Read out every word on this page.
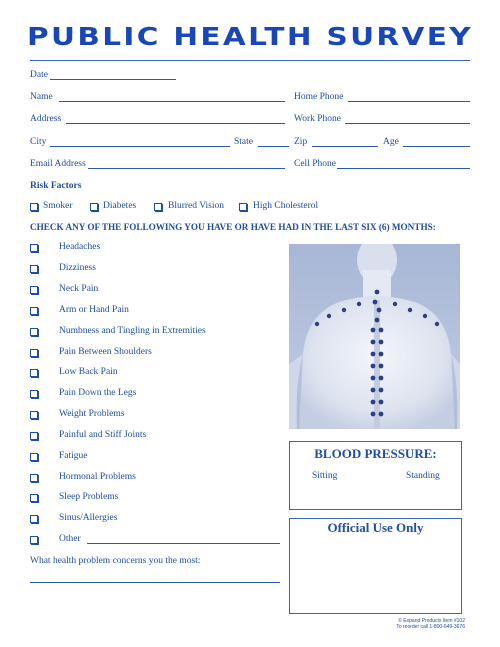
PUBLIC HEALTH SURVEY
Date
Name	Home Phone
Address	Work Phone
City	State	Zip	Age
Email Address	Cell Phone
Risk Factors
Smoker	Diabetes	Blurred Vision	High Cholesterol
CHECK ANY OF THE FOLLOWING YOU HAVE OR HAVE HAD IN THE LAST SIX (6) MONTHS:
Headaches
Dizziness
Neck Pain
Arm or Hand Pain
Numbness and Tingling in Extremities
Pain Between Shoulders
Low Back Pain
Pain Down the Legs
Weight Problems
Painful and Stiff Joints
Fatigue
Hormonal Problems
Sleep Problems
Sinus/Allergies
Other
What health problem concerns you the most:
BLOOD PRESSURE:
Sitting	Standing
Official Use Only
© Expand Products Item #102
To reorder call 1-800-649-3676
